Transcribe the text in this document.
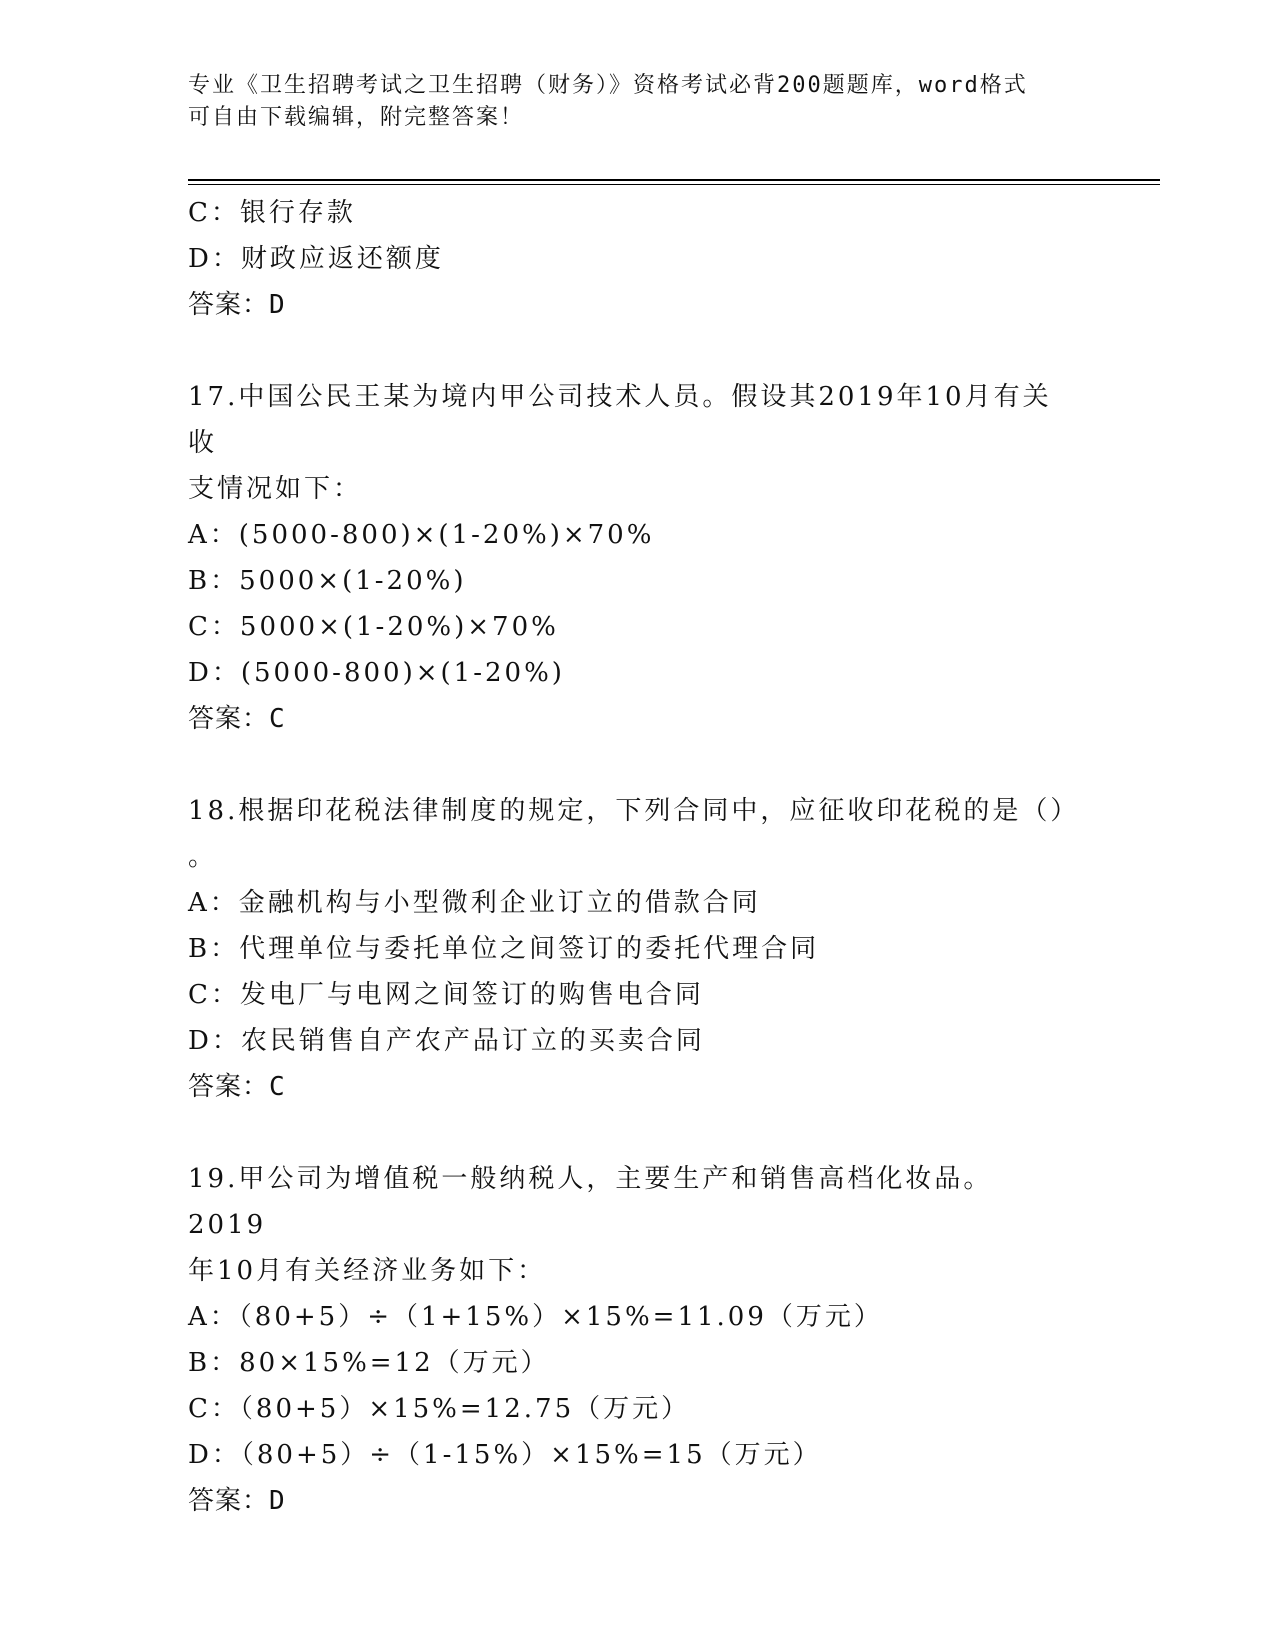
专业《卫生招聘考试之卫生招聘（财务）》资格考试必背200题题库，word格式
可自由下载编辑，附完整答案！
C：银行存款
D：财政应返还额度
答案：D
17.中国公民王某为境内甲公司技术人员。假设其2019年10月有关收
支情况如下：
A：(5000-800)×(1-20%)×70%
B：5000×(1-20%)
C：5000×(1-20%)×70%
D：(5000-800)×(1-20%)
答案：C
18.根据印花税法律制度的规定，下列合同中，应征收印花税的是（）
。
A：金融机构与小型微利企业订立的借款合同
B：代理单位与委托单位之间签订的委托代理合同
C：发电厂与电网之间签订的购售电合同
D：农民销售自产农产品订立的买卖合同
答案：C
19.甲公司为增值税一般纳税人，主要生产和销售高档化妆品。2019
年10月有关经济业务如下：
A：（80+5）÷（1+15%）×15%=11.09（万元）
B：80×15%=12（万元）
C：（80+5）×15%=12.75（万元）
D：（80+5）÷（1-15%）×15%=15（万元）
答案：D
